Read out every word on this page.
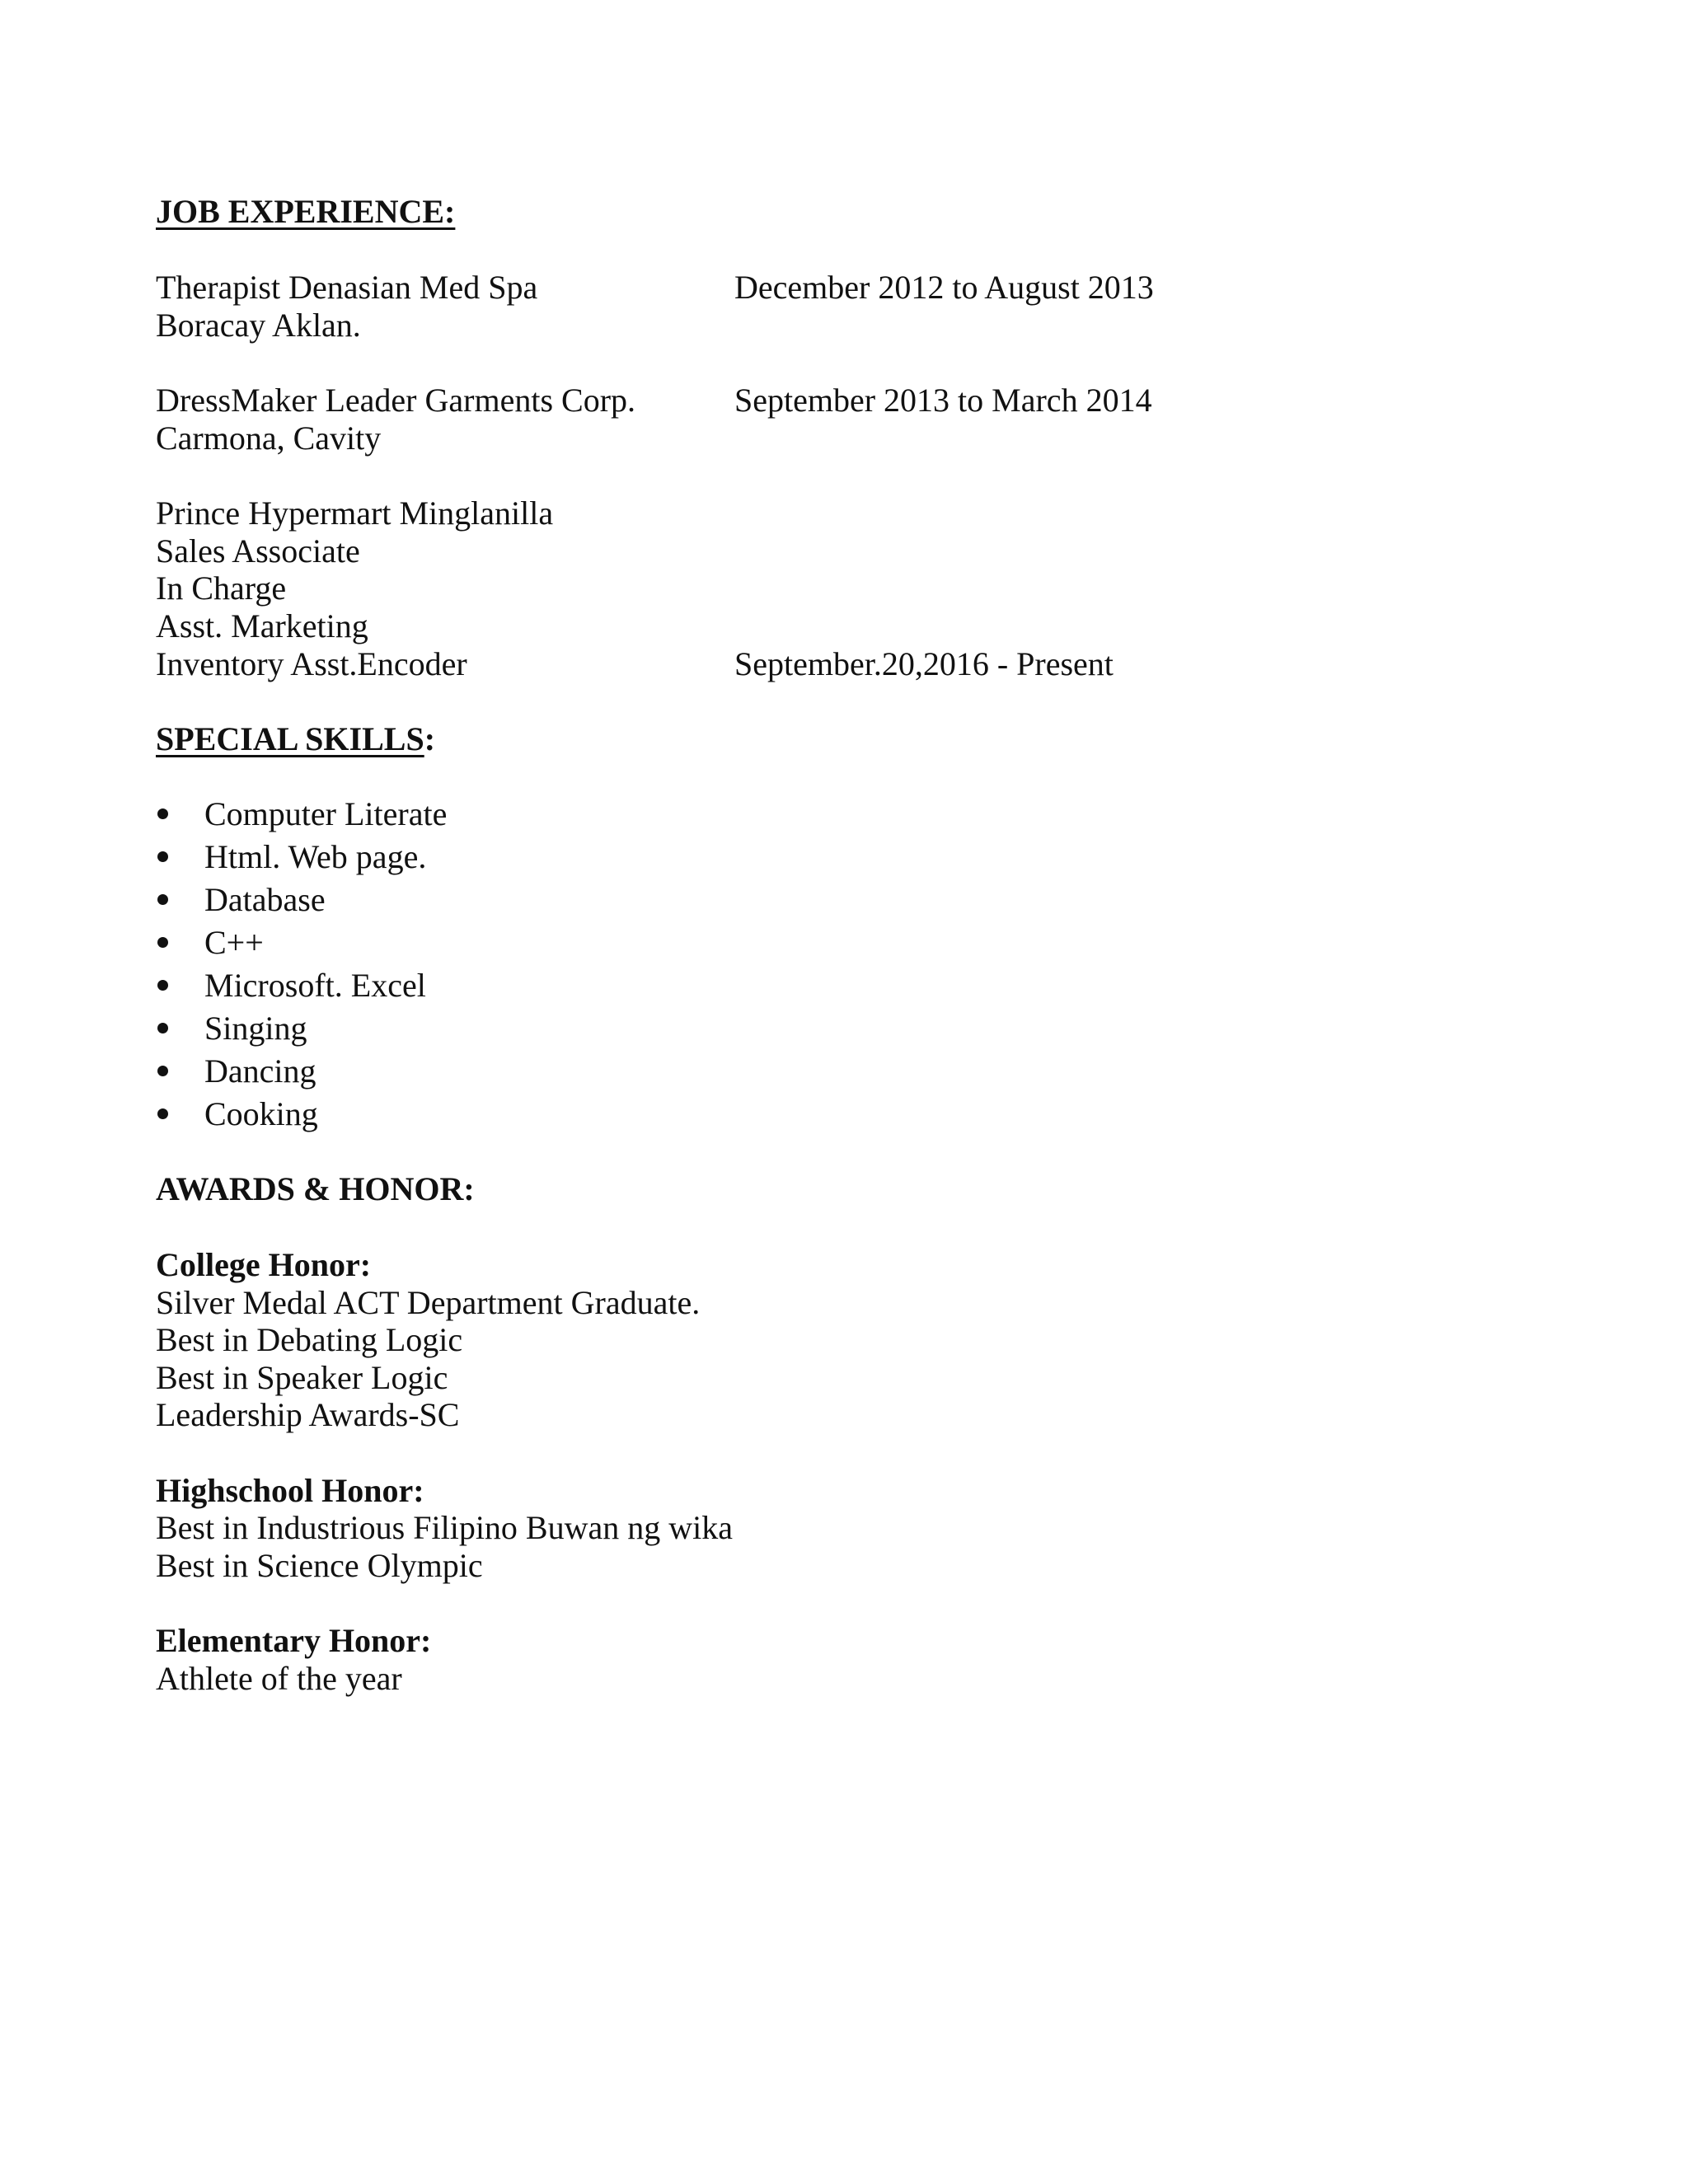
JOB EXPERIENCE:
Therapist Denasian Med Spa	December 2012 to August 2013
Boracay Aklan.
DressMaker Leader Garments Corp.	September 2013 to March 2014
Carmona, Cavity
Prince Hypermart Minglanilla
Sales Associate
In Charge
Asst. Marketing
Inventory Asst.Encoder	September.20,2016 - Present
SPECIAL SKILLS:
Computer Literate
Html. Web page.
Database
C++
Microsoft. Excel
Singing
Dancing
Cooking
AWARDS & HONOR:
College Honor:
Silver Medal ACT Department Graduate.
Best in Debating Logic
Best in Speaker Logic
Leadership Awards-SC
Highschool Honor:
Best in Industrious Filipino Buwan ng wika
Best in Science Olympic
Elementary Honor:
Athlete of the year
